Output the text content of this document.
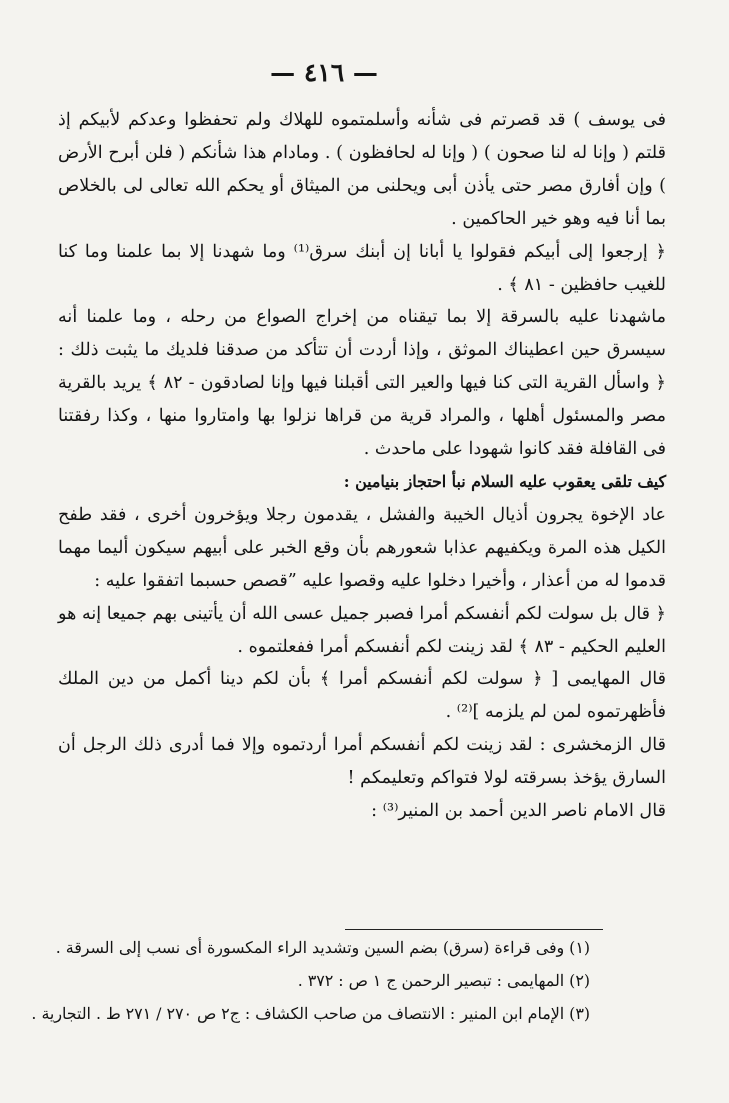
— ٤١٦ —

فى يوسف ) قد قصرتم فى شأنه وأسلمتموه للهلاك ولم تحفظوا وعدكم لأبيكم إذ قلتم ( وإنا له لنا صحون ) ( وإنا له لحافظون ) . ومادام هذا شأنكم ( فلن أبرح الأرض ) وإن أفارق مصر حتى يأذن أبى ويحلنى من الميثاق أو يحكم الله تعالى لى بالخلاص بما أنا فيه وهو خير الحاكمين .

﴿ إرجعوا إلى أبيكم فقولوا يا أبانا إن أبنك سرق⁽¹⁾ وما شهدنا إلا بما علمنا وما كنا للغيب حافظين - ٨١ ﴾ .

ماشهدنا عليه بالسرقة إلا بما تيقناه من إخراج الصواع من رحله ، وما علمنا أنه سيسرق حين اعطيناك الموثق ، وإذا أردت أن تتأكد من صدقنا فلديك ما يثبت ذلك : ﴿ واسأل القرية التى كنا فيها والعير التى أقبلنا فيها وإنا لصادقون - ٨٢ ﴾ يريد بالقرية مصر والمسئول أهلها ، والمراد قرية من قراها نزلوا بها وامتاروا منها ، وكذا رفقتنا فى القافلة فقد كانوا شهودا على ماحدث .

كيف تلقى يعقوب عليه السلام نبأ احتجاز بنيامين :

عاد الإخوة يجرون أذيال الخيبة والفشل ، يقدمون رجلا ويؤخرون أخرى ، فقد طفح الكيل هذه المرة ويكفيهم عذابا شعورهم بأن وقع الخبر على أبيهم سيكون أليما مهما قدموا له من أعذار ، وأخيرا دخلوا عليه وقصوا عليه ”قصص حسبما اتفقوا عليه :

﴿ قال بل سولت لكم أنفسكم أمرا فصبر جميل عسى الله أن يأتينى بهم جميعا إنه هو العليم الحكيم - ٨٣ ﴾ لقد زينت لكم أنفسكم أمرا ففعلتموه .

قال المهايمى [ ﴿ سولت لكم أنفسكم أمرا ﴾ بأن لكم دينا أكمل من دين الملك فأظهرتموه لمن لم يلزمه ]⁽²⁾ .

قال الزمخشرى : لقد زينت لكم أنفسكم أمرا أردتموه وإلا فما أدرى ذلك الرجل أن السارق يؤخذ بسرقته لولا فتواكم وتعليمكم !

قال الامام ناصر الدين أحمد بن المنير⁽³⁾ :

(١) وفى قراءة (سرق) بضم السين وتشديد الراء المكسورة أى نسب إلى السرقة .

(٢) المهايمى : تبصير الرحمن ج ١ ص : ٣٧٢ .

(٣) الإمام ابن المنير : الانتصاف من صاحب الكشاف : ج٢ ص ٢٧٠ / ٢٧١ ط . التجارية .
